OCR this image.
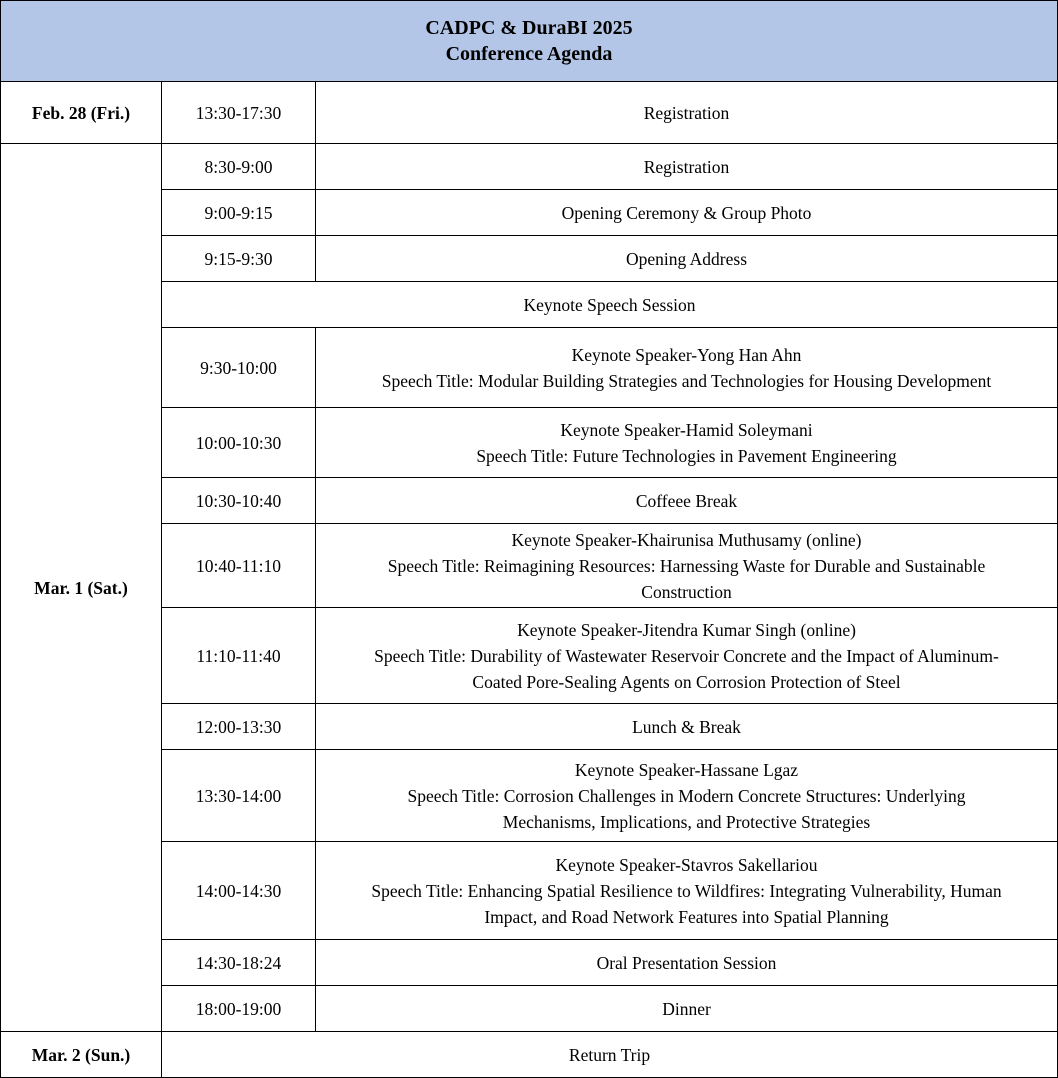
CADPC & DuraBI 2025
Conference Agenda		

Feb. 28 (Fri.)	13:30-17:30	Registration

Mar. 1 (Sat.)	8:30-9:00	Registration

	9:00-9:15	Opening Ceremony & Group Photo

	9:15-9:30	Opening Address

	Keynote Speech Session	

	9:30-10:00	Keynote Speaker-Yong Han Ahn
Speech Title: Modular Building Strategies and Technologies for Housing Development

	10:00-10:30	Keynote Speaker-Hamid Soleymani
Speech Title: Future Technologies in Pavement Engineering

	10:30-10:40	Coffeee Break

	10:40-11:10	Keynote Speaker-Khairunisa Muthusamy (online)
Speech Title: Reimagining Resources: Harnessing Waste for Durable and Sustainable
Construction

	11:10-11:40	Keynote Speaker-Jitendra Kumar Singh (online)
Speech Title: Durability of Wastewater Reservoir Concrete and the Impact of Aluminum-
Coated Pore-Sealing Agents on Corrosion Protection of Steel

	12:00-13:30	Lunch & Break

	13:30-14:00	Keynote Speaker-Hassane Lgaz
Speech Title: Corrosion Challenges in Modern Concrete Structures: Underlying
Mechanisms, Implications, and Protective Strategies

	14:00-14:30	Keynote Speaker-Stavros Sakellariou
Speech Title: Enhancing Spatial Resilience to Wildfires: Integrating Vulnerability, Human
Impact, and Road Network Features into Spatial Planning

	14:30-18:24	Oral Presentation Session

	18:00-19:00	Dinner

Mar. 2 (Sun.)	Return Trip	
